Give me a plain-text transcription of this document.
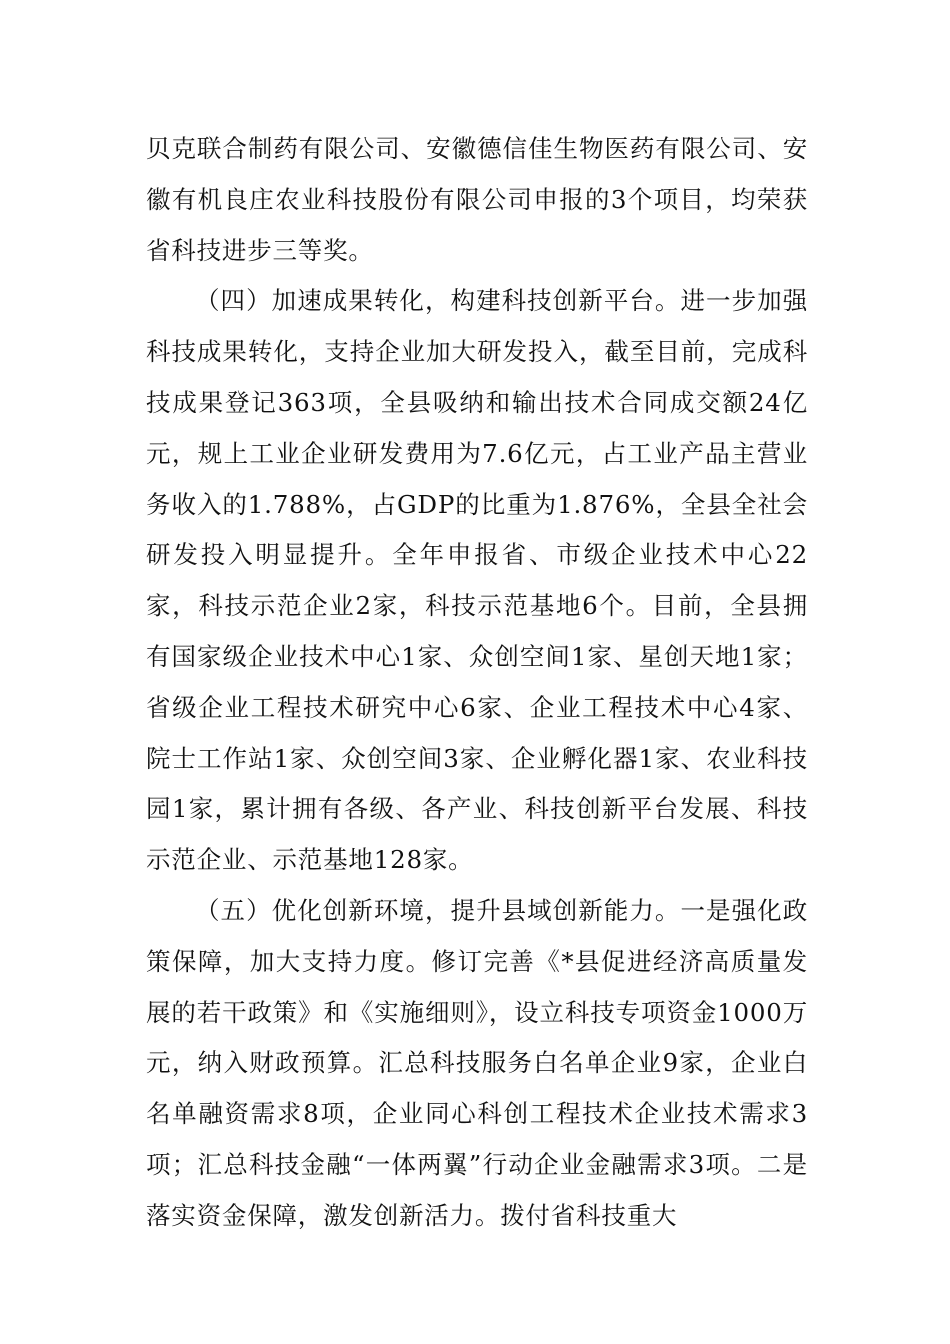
贝克联合制药有限公司、安徽德信佳生物医药有限公司、安徽有机良庄农业科技股份有限公司申报的3个项目，均荣获省科技进步三等奖。

（四）加速成果转化，构建科技创新平台。进一步加强科技成果转化，支持企业加大研发投入，截至目前，完成科技成果登记363项，全县吸纳和输出技术合同成交额24亿元，规上工业企业研发费用为7.6亿元，占工业产品主营业务收入的1.788%，占GDP的比重为1.876%，全县全社会研发投入明显提升。全年申报省、市级企业技术中心22家，科技示范企业2家，科技示范基地6个。目前，全县拥有国家级企业技术中心1家、众创空间1家、星创天地1家；省级企业工程技术研究中心6家、企业工程技术中心4家、院士工作站1家、众创空间3家、企业孵化器1家、农业科技园1家，累计拥有各级、各产业、科技创新平台发展、科技示范企业、示范基地128家。

（五）优化创新环境，提升县域创新能力。一是强化政策保障，加大支持力度。修订完善《*县促进经济高质量发展的若干政策》和《实施细则》，设立科技专项资金1000万元，纳入财政预算。汇总科技服务白名单企业9家，企业白名单融资需求8项，企业同心科创工程技术企业技术需求3项；汇总科技金融“一体两翼”行动企业金融需求3项。二是落实资金保障，激发创新活力。拨付省科技重大
